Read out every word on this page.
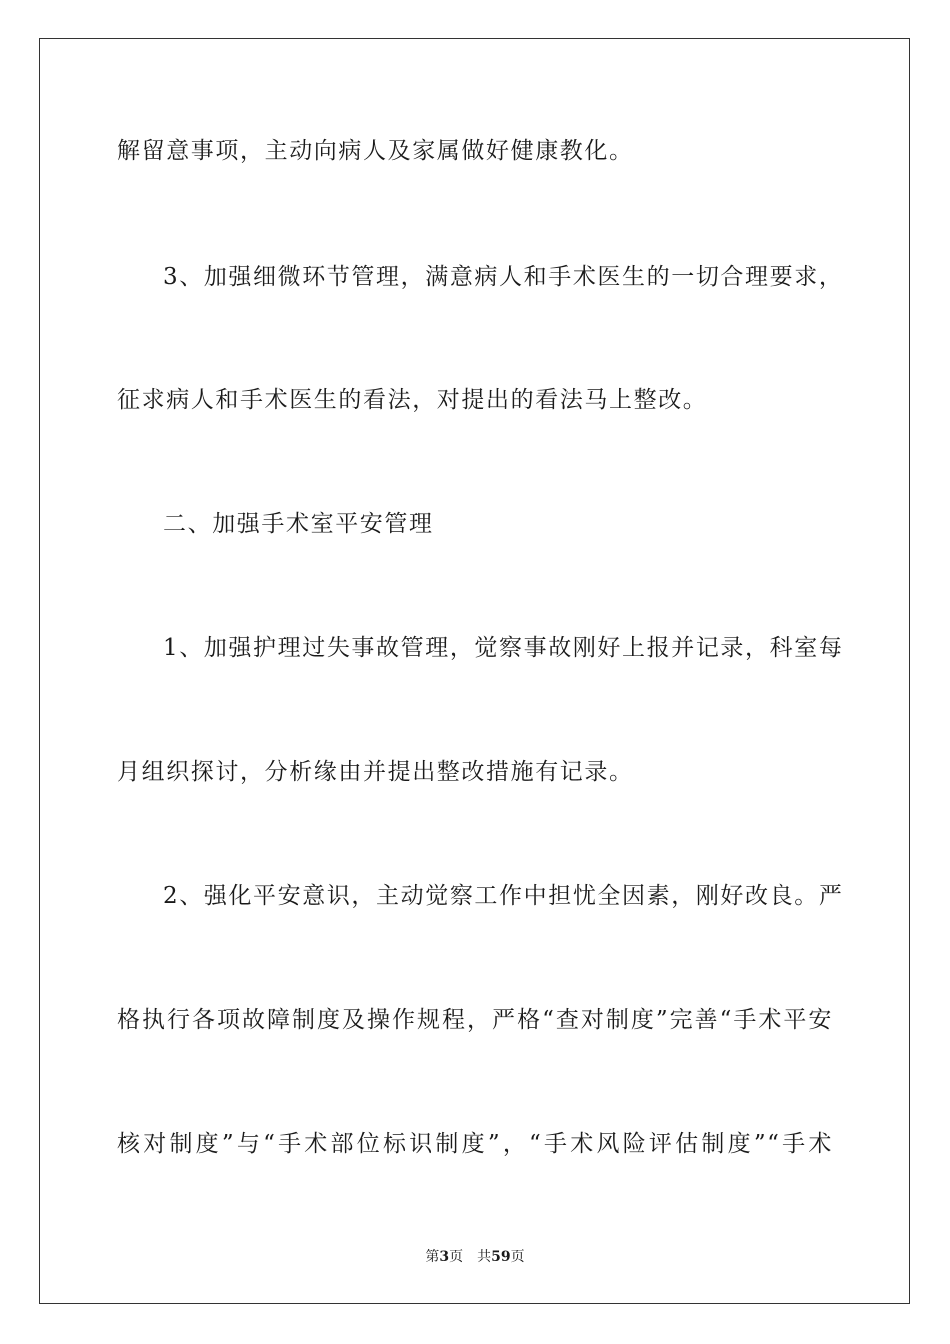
解留意事项，主动向病人及家属做好健康教化。
3、加强细微环节管理，满意病人和手术医生的一切合理要求，
征求病人和手术医生的看法，对提出的看法马上整改。
二、加强手术室平安管理
1、加强护理过失事故管理，觉察事故刚好上报并记录，科室每
月组织探讨，分析缘由并提出整改措施有记录。
2、强化平安意识，主动觉察工作中担忧全因素，刚好改良。严
格执行各项故障制度及操作规程，严格“查对制度”完善“手术平安
核对制度”与“手术部位标识制度”，“手术风险评估制度”“手术
第3页 共59页
